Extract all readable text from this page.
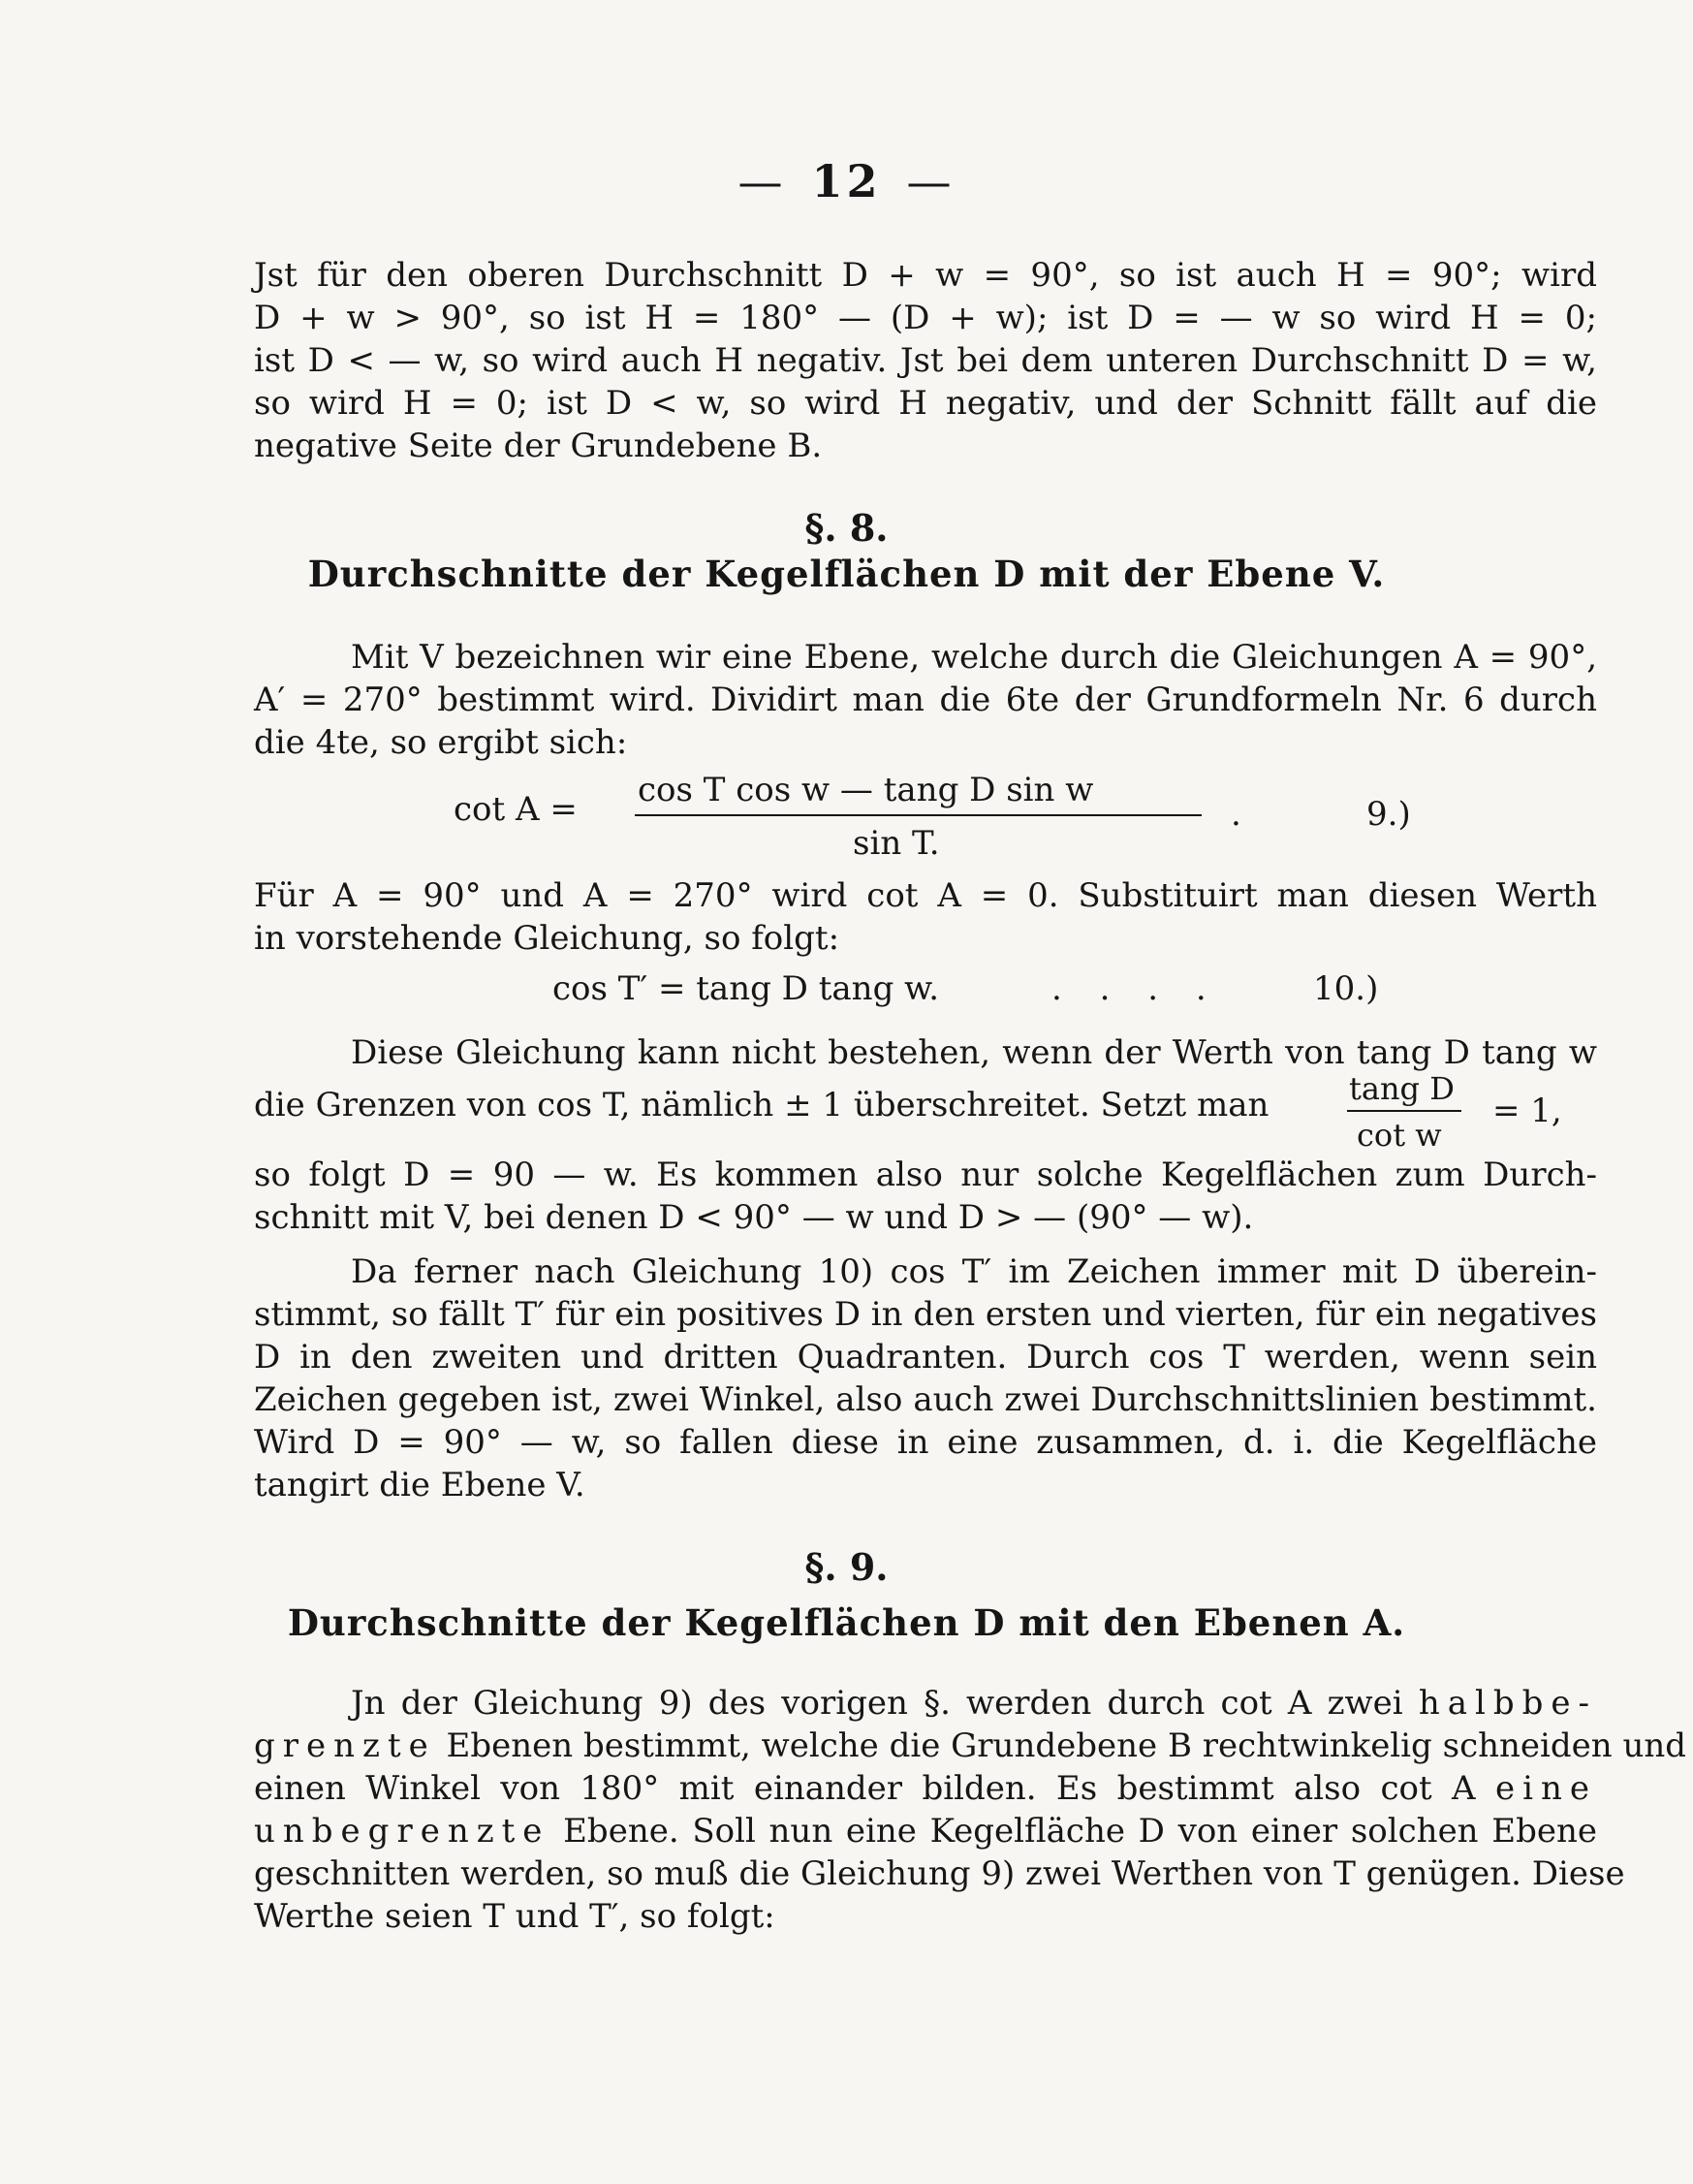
— 12 —
Jst für den oberen Durchschnitt D + w = 90°, so ist auch H = 90°; wird
D + w > 90°, so ist H = 180° — (D + w); ist D = — w so wird H = 0;
ist D < — w, so wird auch H negativ. Jst bei dem unteren Durchschnitt D = w,
so wird H = 0; ist D < w, so wird H negativ, und der Schnitt fällt auf die
negative Seite der Grundebene B.
§. 8.
Durchschnitte der Kegelflächen D mit der Ebene V.
Mit V bezeichnen wir eine Ebene, welche durch die Gleichungen A = 90°,
A′ = 270° bestimmt wird. Dividirt man die 6te der Grundformeln Nr. 6 durch
die 4te, so ergibt sich:
cot A = cos T cos w — tang D sin w
sin T.
.	9.)
Für A = 90° und A = 270° wird cot A = 0. Substituirt man diesen Werth
in vorstehende Gleichung, so folgt:
cos T′ = tang D tang w.	. . . .	10.)
Diese Gleichung kann nicht bestehen, wenn der Werth von tang D tang w
die Grenzen von cos T, nämlich ± 1 überschreitet. Setzt man	tang D
cot w
= 1,
so folgt D = 90 — w. Es kommen also nur solche Kegelflächen zum Durch-
schnitt mit V, bei denen D < 90° — w und D > — (90° — w).
Da ferner nach Gleichung 10) cos T′ im Zeichen immer mit D überein-
stimmt, so fällt T′ für ein positives D in den ersten und vierten, für ein negatives
D in den zweiten und dritten Quadranten. Durch cos T werden, wenn sein
Zeichen gegeben ist, zwei Winkel, also auch zwei Durchschnittslinien bestimmt.
Wird D = 90° — w, so fallen diese in eine zusammen, d. i. die Kegelfläche
tangirt die Ebene V.
§. 9.
Durchschnitte der Kegelflächen D mit den Ebenen A.
Jn der Gleichung 9) des vorigen §. werden durch cot A zwei halbbe-
grenzte Ebenen bestimmt, welche die Grundebene B rechtwinkelig schneiden und
einen Winkel von 180° mit einander bilden. Es bestimmt also cot A eine
unbegrenzte Ebene. Soll nun eine Kegelfläche D von einer solchen Ebene
geschnitten werden, so muß die Gleichung 9) zwei Werthen von T genügen. Diese
Werthe seien T und T′, so folgt:
